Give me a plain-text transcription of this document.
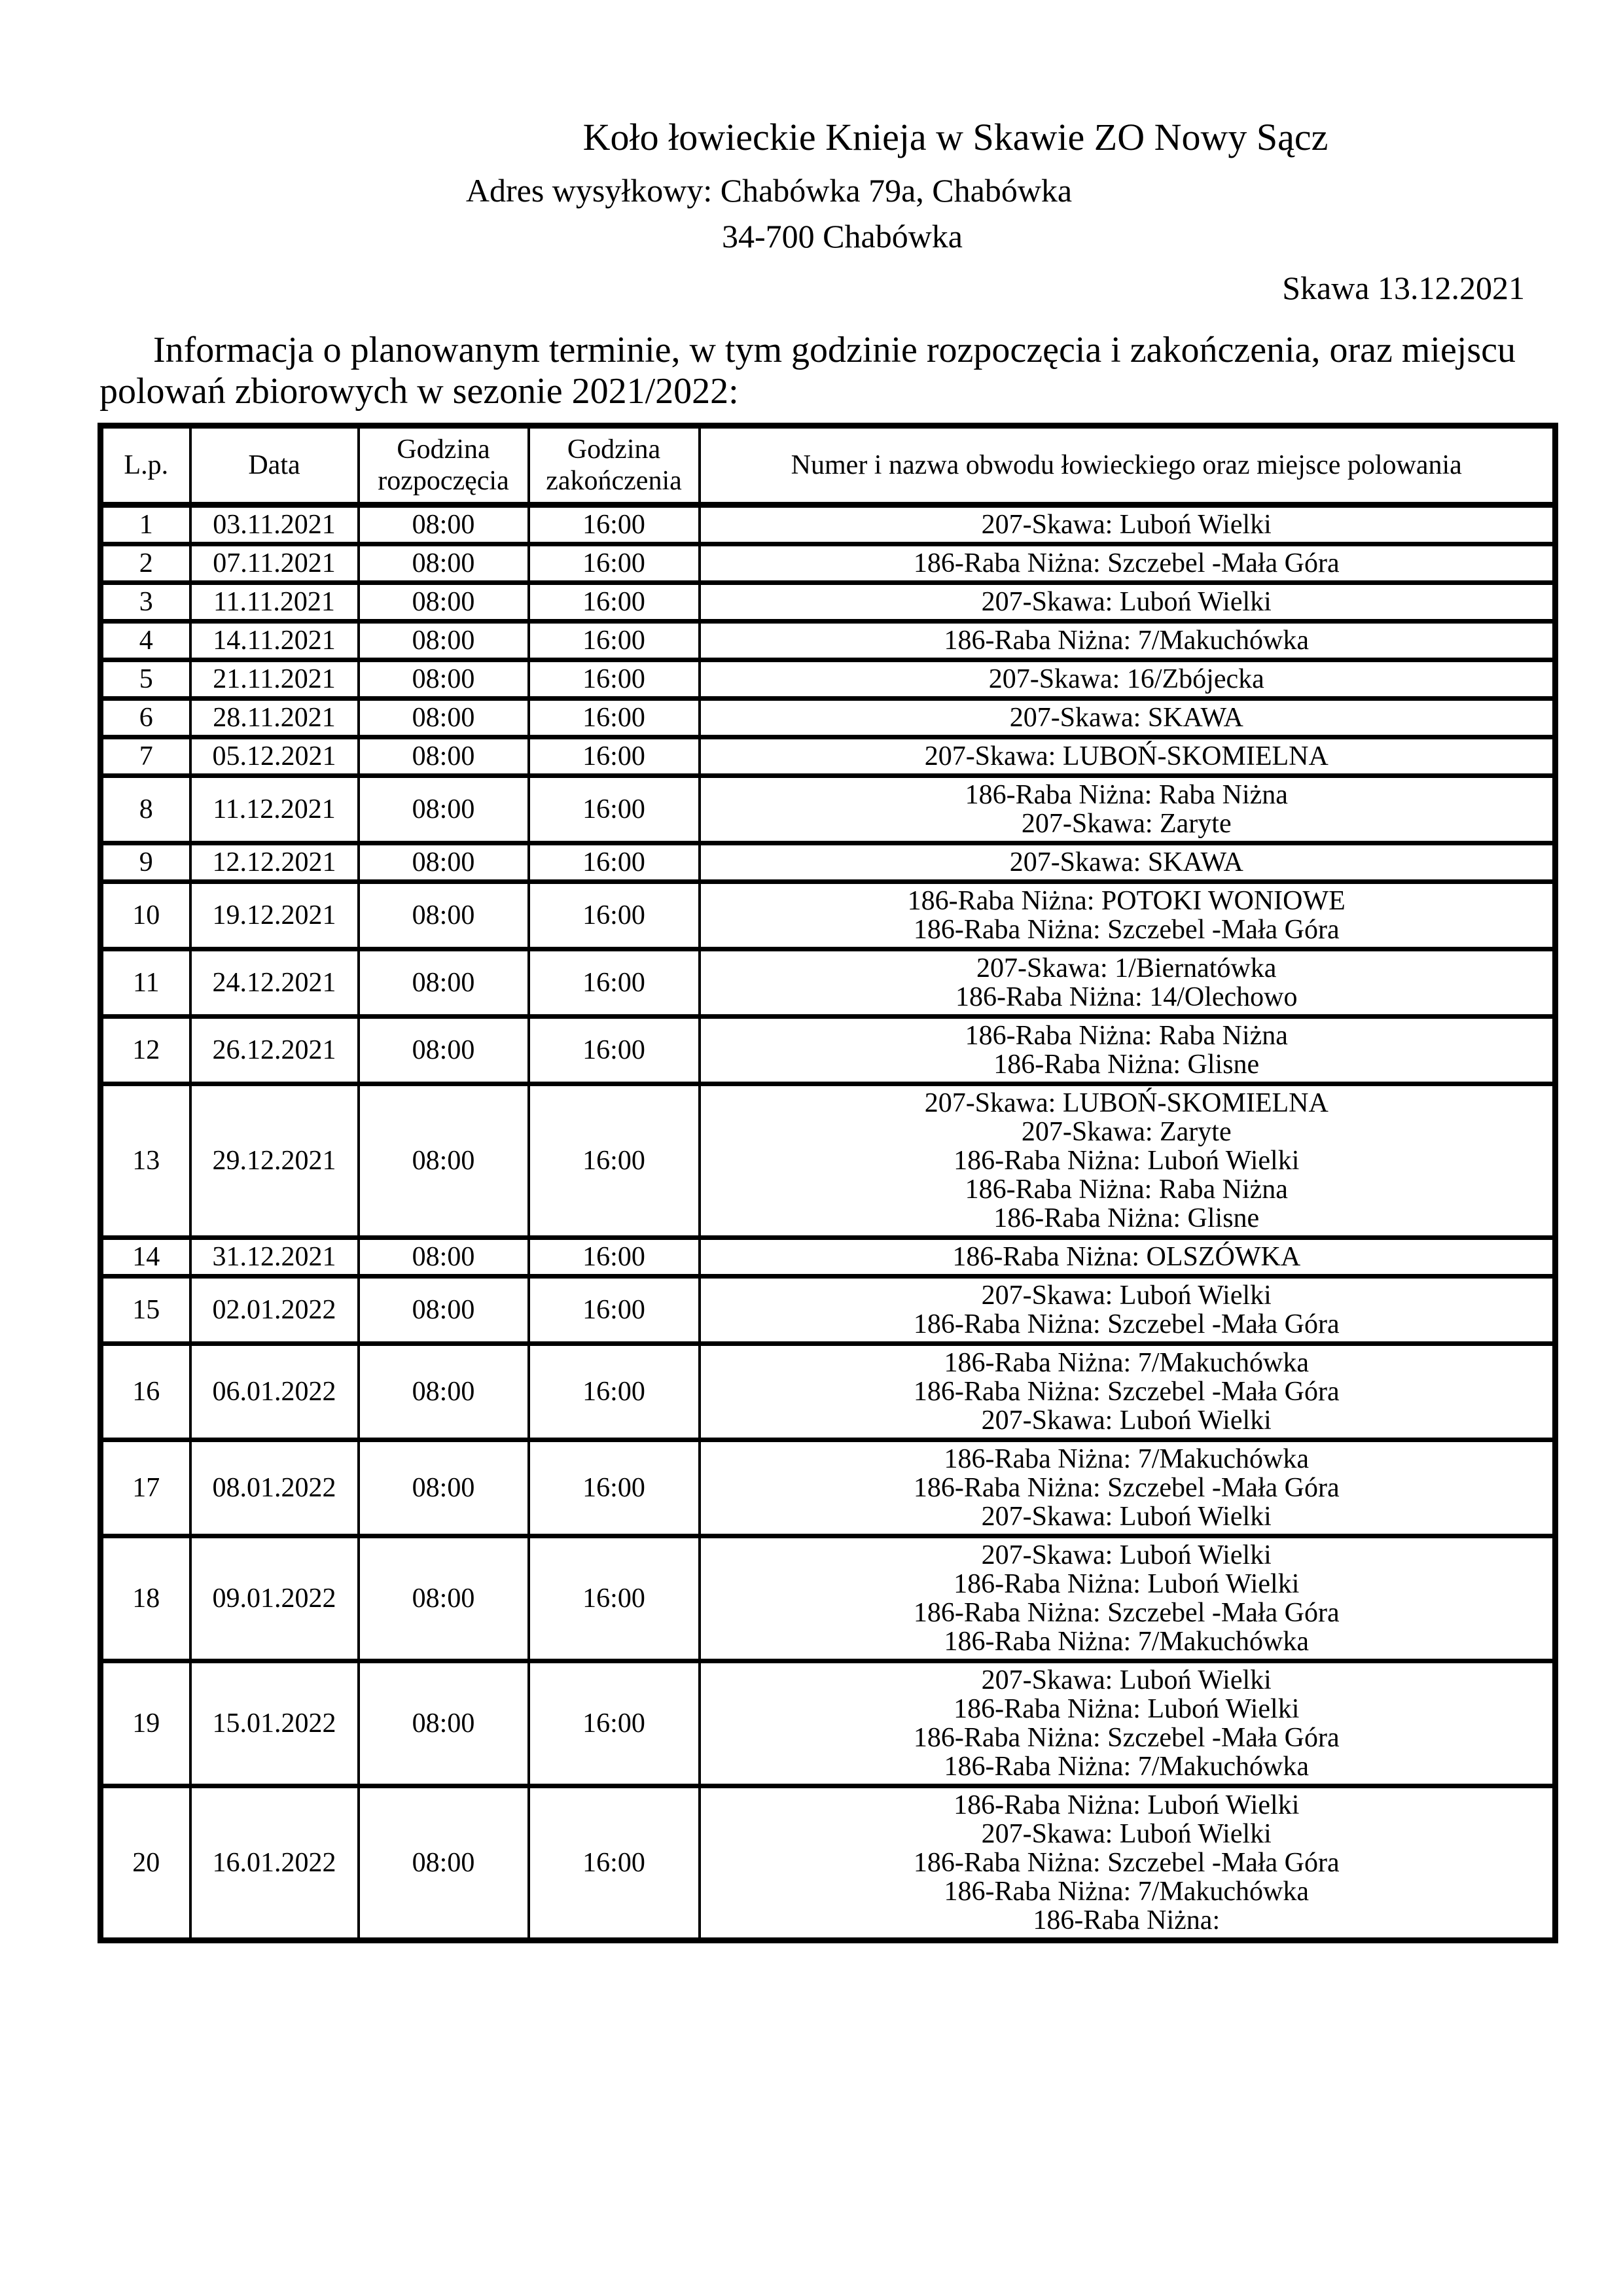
Koło łowieckie Knieja w Skawie ZO Nowy Sącz
Adres wysyłkowy: Chabówka 79a, Chabówka
34-700 Chabówka
Skawa 13.12.2021

Informacja o planowanym terminie, w tym godzinie rozpoczęcia i zakończenia, oraz miejscu polowań zbiorowych w sezonie 2021/2022:

L.p.	Data	Godzina rozpoczęcia	Godzina zakończenia	Numer i nazwa obwodu łowieckiego oraz miejsce polowania
1	03.11.2021	08:00	16:00	207-Skawa: Luboń Wielki

2	07.11.2021	08:00	16:00	186-Raba Niżna: Szczebel -Mała Góra

3	11.11.2021	08:00	16:00	207-Skawa: Luboń Wielki

4	14.11.2021	08:00	16:00	186-Raba Niżna: 7/Makuchówka

5	21.11.2021	08:00	16:00	207-Skawa: 16/Zbójecka

6	28.11.2021	08:00	16:00	207-Skawa: SKAWA

7	05.12.2021	08:00	16:00	207-Skawa: LUBOŃ-SKOMIELNA

8	11.12.2021	08:00	16:00	186-Raba Niżna: Raba Niżna
207-Skawa: Zaryte

9	12.12.2021	08:00	16:00	207-Skawa: SKAWA

10	19.12.2021	08:00	16:00	186-Raba Niżna: POTOKI WONIOWE
186-Raba Niżna: Szczebel -Mała Góra

11	24.12.2021	08:00	16:00	207-Skawa: 1/Biernatówka
186-Raba Niżna: 14/Olechowo

12	26.12.2021	08:00	16:00	186-Raba Niżna: Raba Niżna
186-Raba Niżna: Glisne

13	29.12.2021	08:00	16:00	207-Skawa: LUBOŃ-SKOMIELNA
207-Skawa: Zaryte
186-Raba Niżna: Luboń Wielki
186-Raba Niżna: Raba Niżna
186-Raba Niżna: Glisne

14	31.12.2021	08:00	16:00	186-Raba Niżna: OLSZÓWKA

15	02.01.2022	08:00	16:00	207-Skawa: Luboń Wielki
186-Raba Niżna: Szczebel -Mała Góra

16	06.01.2022	08:00	16:00	186-Raba Niżna: 7/Makuchówka
186-Raba Niżna: Szczebel -Mała Góra
207-Skawa: Luboń Wielki

17	08.01.2022	08:00	16:00	186-Raba Niżna: 7/Makuchówka
186-Raba Niżna: Szczebel -Mała Góra
207-Skawa: Luboń Wielki

18	09.01.2022	08:00	16:00	207-Skawa: Luboń Wielki
186-Raba Niżna: Luboń Wielki
186-Raba Niżna: Szczebel -Mała Góra
186-Raba Niżna: 7/Makuchówka

19	15.01.2022	08:00	16:00	207-Skawa: Luboń Wielki
186-Raba Niżna: Luboń Wielki
186-Raba Niżna: Szczebel -Mała Góra
186-Raba Niżna: 7/Makuchówka

20	16.01.2022	08:00	16:00	186-Raba Niżna: Luboń Wielki
207-Skawa: Luboń Wielki
186-Raba Niżna: Szczebel -Mała Góra
186-Raba Niżna: 7/Makuchówka
186-Raba Niżna:
